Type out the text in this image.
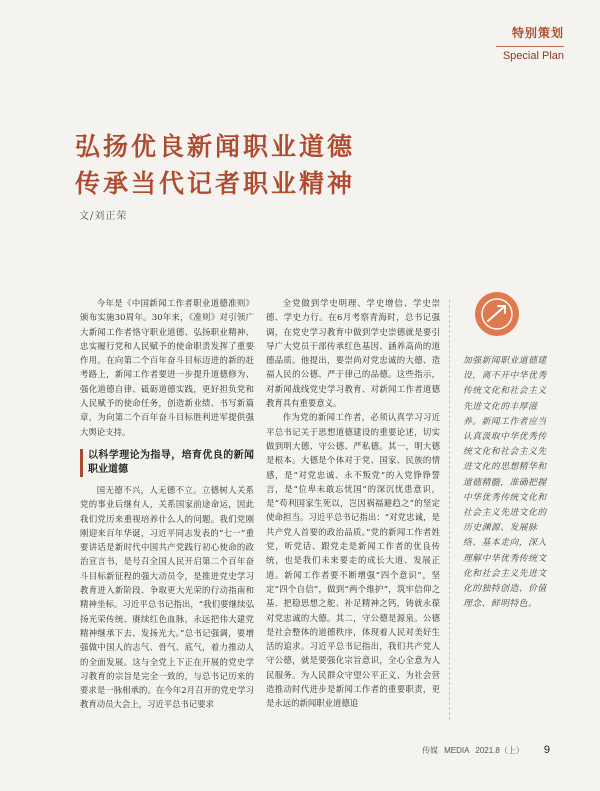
特别策划
Special Plan
弘扬优良新闻职业道德
传承当代记者职业精神
文/刘正荣

今年是《中国新闻工作者职业道德准则》颁布实施30周年。30年来，《准则》对引领广大新闻工作者恪守职业道德、弘扬职业精神、忠实履行党和人民赋予的使命职责发挥了重要作用。在向第二个百年奋斗目标迈进的新的赶考路上，新闻工作者要进一步提升道德修为、强化道德自律、砥砺道德实践，更好担负党和人民赋予的使命任务，创造新业绩、书写新篇章，为向第二个百年奋斗目标胜利进军提供强大舆论支持。

以科学理论为指导，培育优良的新闻职业道德

国无德不兴，人无德不立。立德树人关系党的事业后继有人，关系国家前途命运，因此我们党历来重视培养什么人的问题。我们党刚刚迎来百年华诞，习近平同志发表的“七一”重要讲话是新时代中国共产党践行初心使命的政治宣言书，是号召全国人民开启第二个百年奋斗目标新征程的强大动员令，是推进党史学习教育进入新阶段、争取更大光荣的行动指南和精神坐标。习近平总书记指出，“我们要继续弘扬光荣传统、赓续红色血脉，永远把伟大建党精神继承下去、发扬光大。”总书记强调，要增强做中国人的志气、骨气、底气，着力推动人的全面发展。这与全党上下正在开展的党史学习教育的宗旨是完全一致的，与总书记历来的要求是一脉相承的。在今年2月召开的党史学习教育动员大会上，习近平总书记要求

全党做到学史明理、学史增信、学史崇德、学史力行。在6月考察青海时，总书记强调，在党史学习教育中做到学史崇德就是要引导广大党员干部传承红色基因、涵养高尚的道德品质。他提出，要崇尚对党忠诚的大德、造福人民的公德、严于律己的品德。这些指示，对新闻战线党史学习教育、对新闻工作者道德教育具有重要意义。

作为党的新闻工作者，必须认真学习习近平总书记关于思想道德建设的重要论述，切实做到明大德、守公德、严私德。其一，明大德是根本。大德是个体对于党、国家、民族的情感，是“对党忠诚、永不叛党”的入党铮铮誓言，是“位卑未敢忘忧国”的深沉忧患意识，是“苟利国家生死以，岂因祸福避趋之”的坚定使命担当。习近平总书记指出：“对党忠诚，是共产党人首要的政治品质。”党的新闻工作者姓党，听党话、跟党走是新闻工作者的优良传统，也是我们未来要走的成长大道、发展正道。新闻工作者要不断增强“四个意识”，坚定“四个自信”，做到“两个维护”，筑牢信仰之基、把稳思想之舵、补足精神之钙，铸就永葆对党忠诚的大德。其二，守公德是源泉。公德是社会整体的道德秩序，体现着人民对美好生活的追求。习近平总书记指出，我们共产党人守公德，就是要强化宗旨意识，全心全意为人民服务。为人民群众守望公平正义、为社会营造推动时代进步是新闻工作者的重要职责，更是永远的新闻职业道德追

加强新闻职业道德建设，离不开中华优秀传统文化和社会主义先进文化的丰厚滋养。新闻工作者应当认真汲取中华优秀传统文化和社会主义先进文化的思想精华和道德精髓，准确把握中华优秀传统文化和社会主义先进文化的历史渊源、发展脉络、基本走向，深入理解中华优秀传统文化和社会主义先进文化的独特创造、价值理念、鲜明特色。

传媒 MEDIA 2021.8（上） 9
